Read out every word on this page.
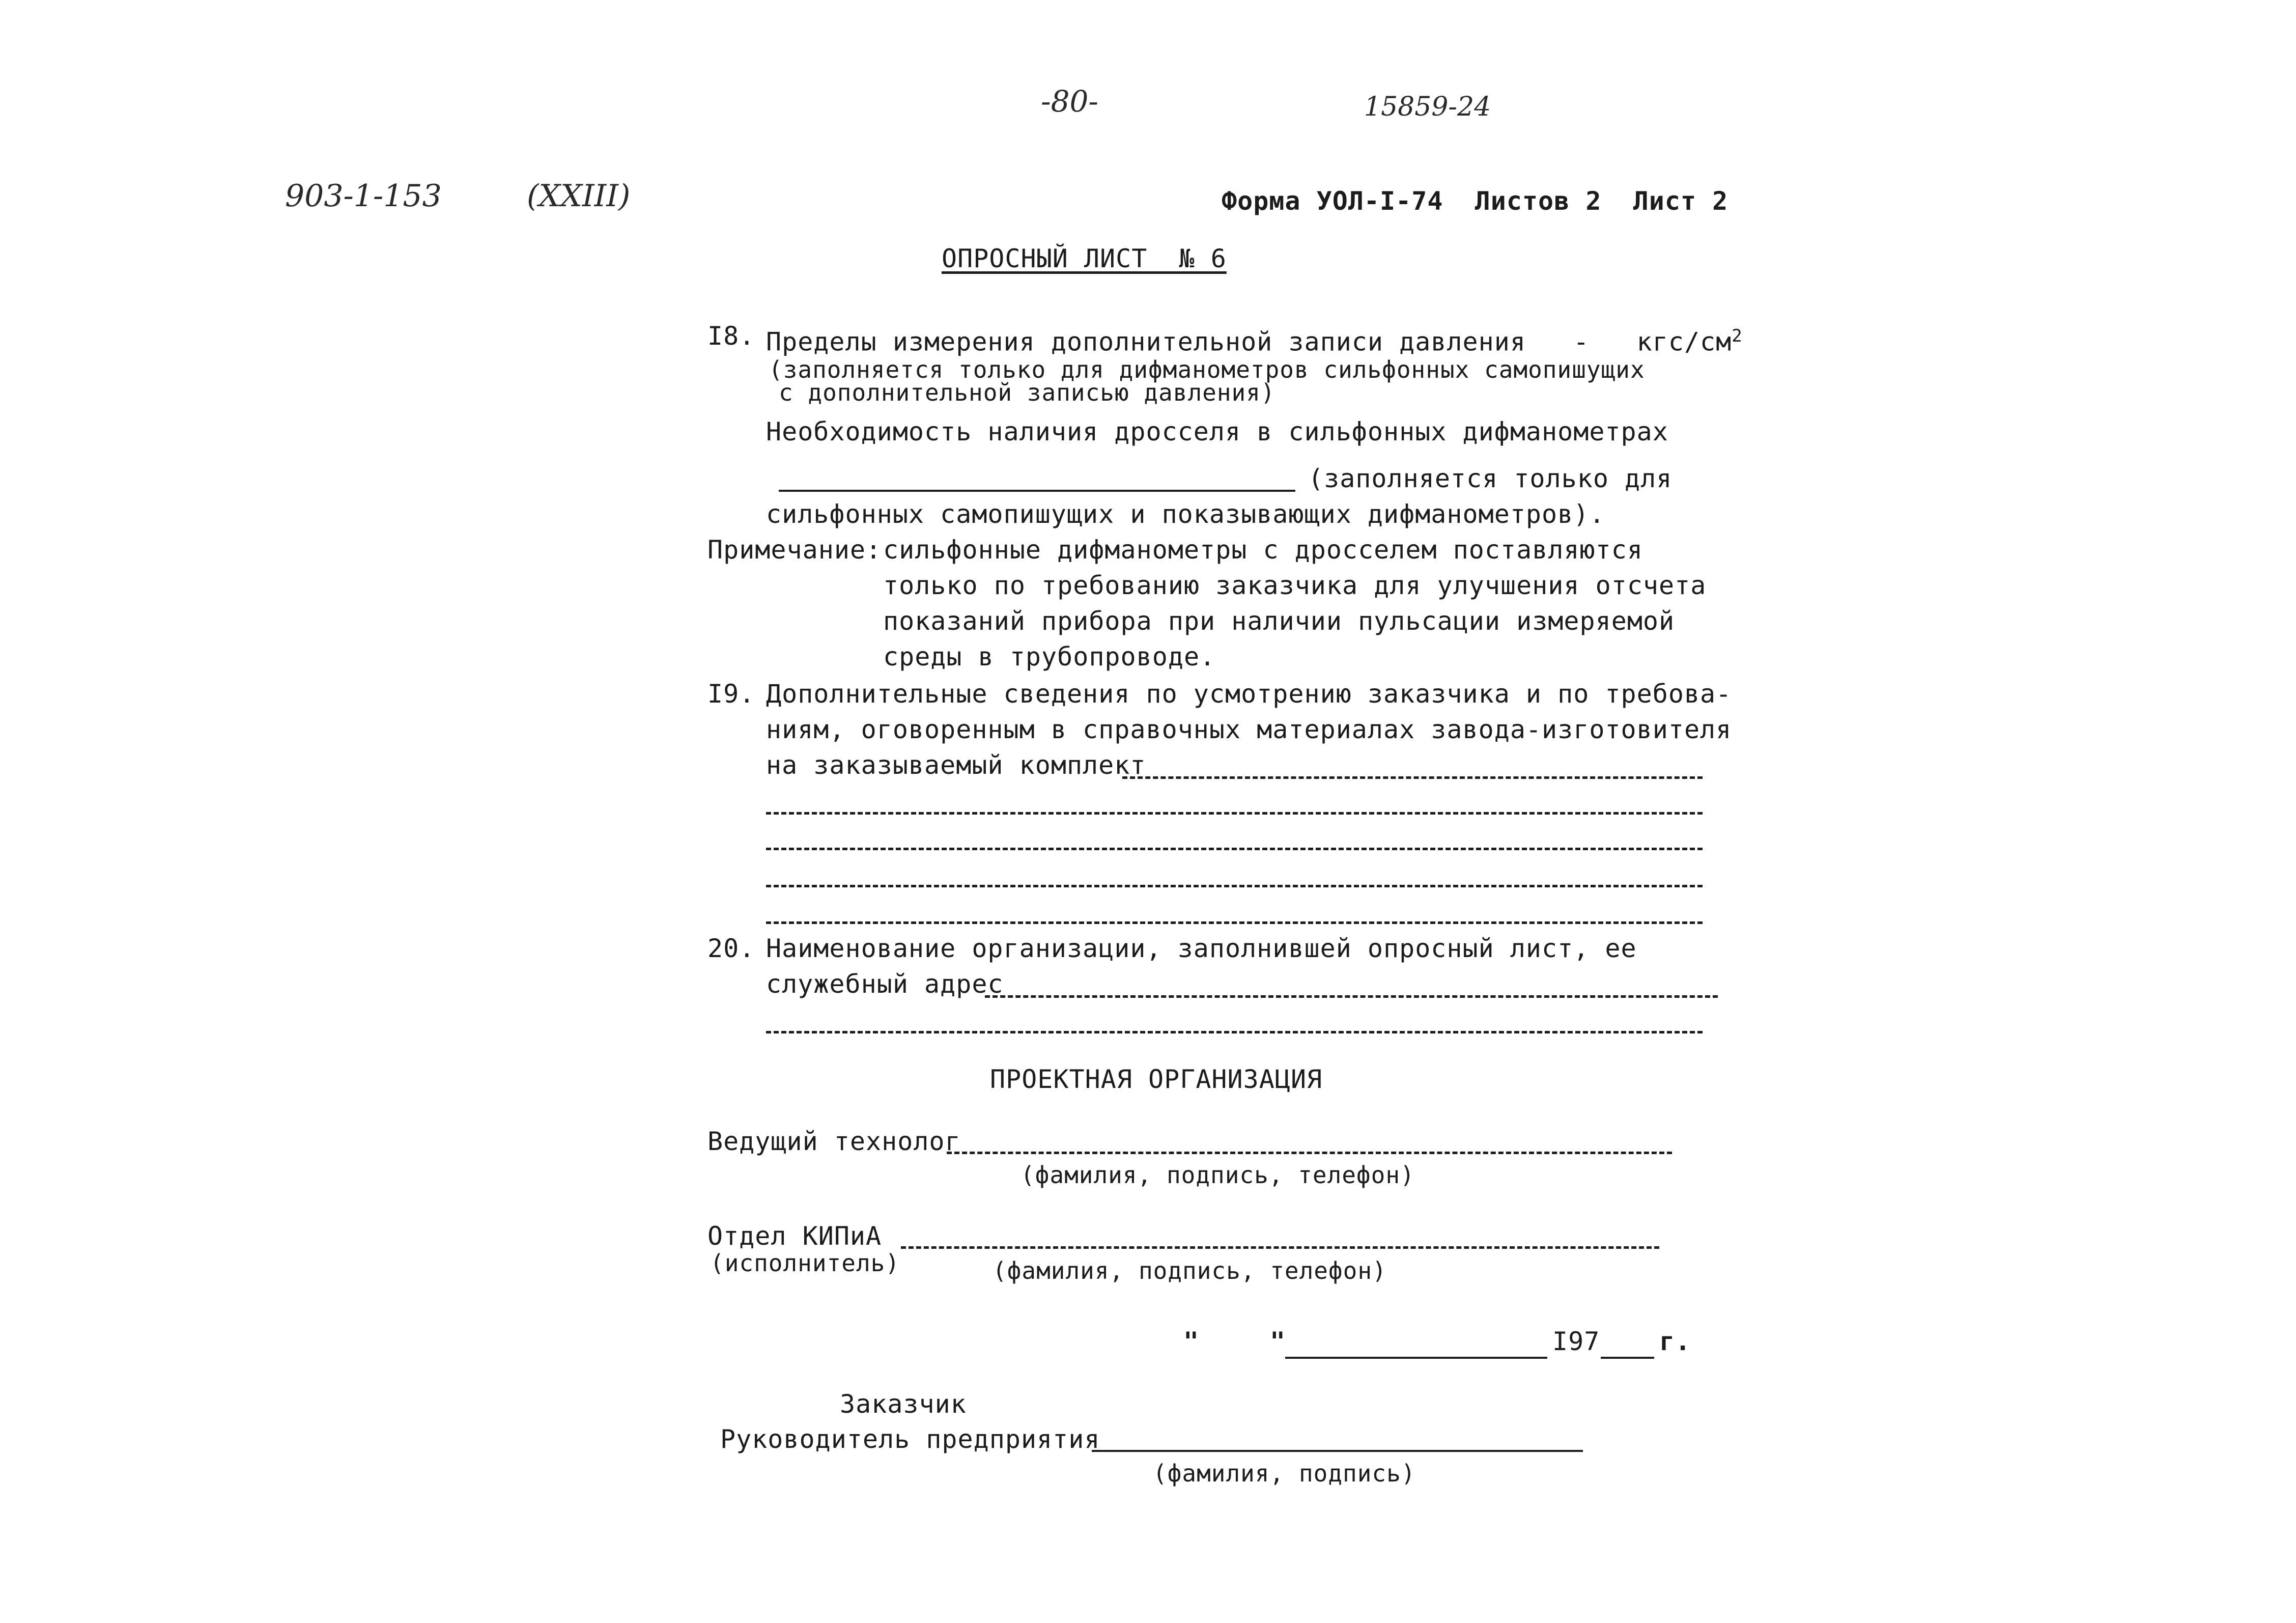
-80-	15859-24
903-1-153	(XXIII)	Форма УОЛ-I-74  Листов 2  Лист 2
ОПРОСНЫЙ ЛИСТ  № 6
I8. Пределы измерения дополнительной записи давления   -   кгс/$см^2$
(заполняется только для дифманометров сильфонных самопишущих
с дополнительной записью давления)
Необходимость наличия дросселя в сильфонных дифманометрах
(заполняется только для
сильфонных самопишущих и показывающих дифманометров).
Примечание: сильфонные дифманометры с дросселем поставляются
только по требованию заказчика для улучшения отсчета
показаний прибора при наличии пульсации измеряемой
среды в трубопроводе.
I9. Дополнительные сведения по усмотрению заказчика и по требова-
ниям, оговоренным в справочных материалах завода-изготовителя
на заказываемый комплект
20. Наименование организации, заполнившей опросный лист, ее
служебный адрес
ПРОЕКТНАЯ ОРГАНИЗАЦИЯ
Ведущий технолог
(фамилия, подпись, телефон)
Отдел КИПиА
(исполнитель)	(фамилия, подпись, телефон)
"	"	I97 г.
Заказчик
Руководитель предприятия
(фамилия, подпись)
